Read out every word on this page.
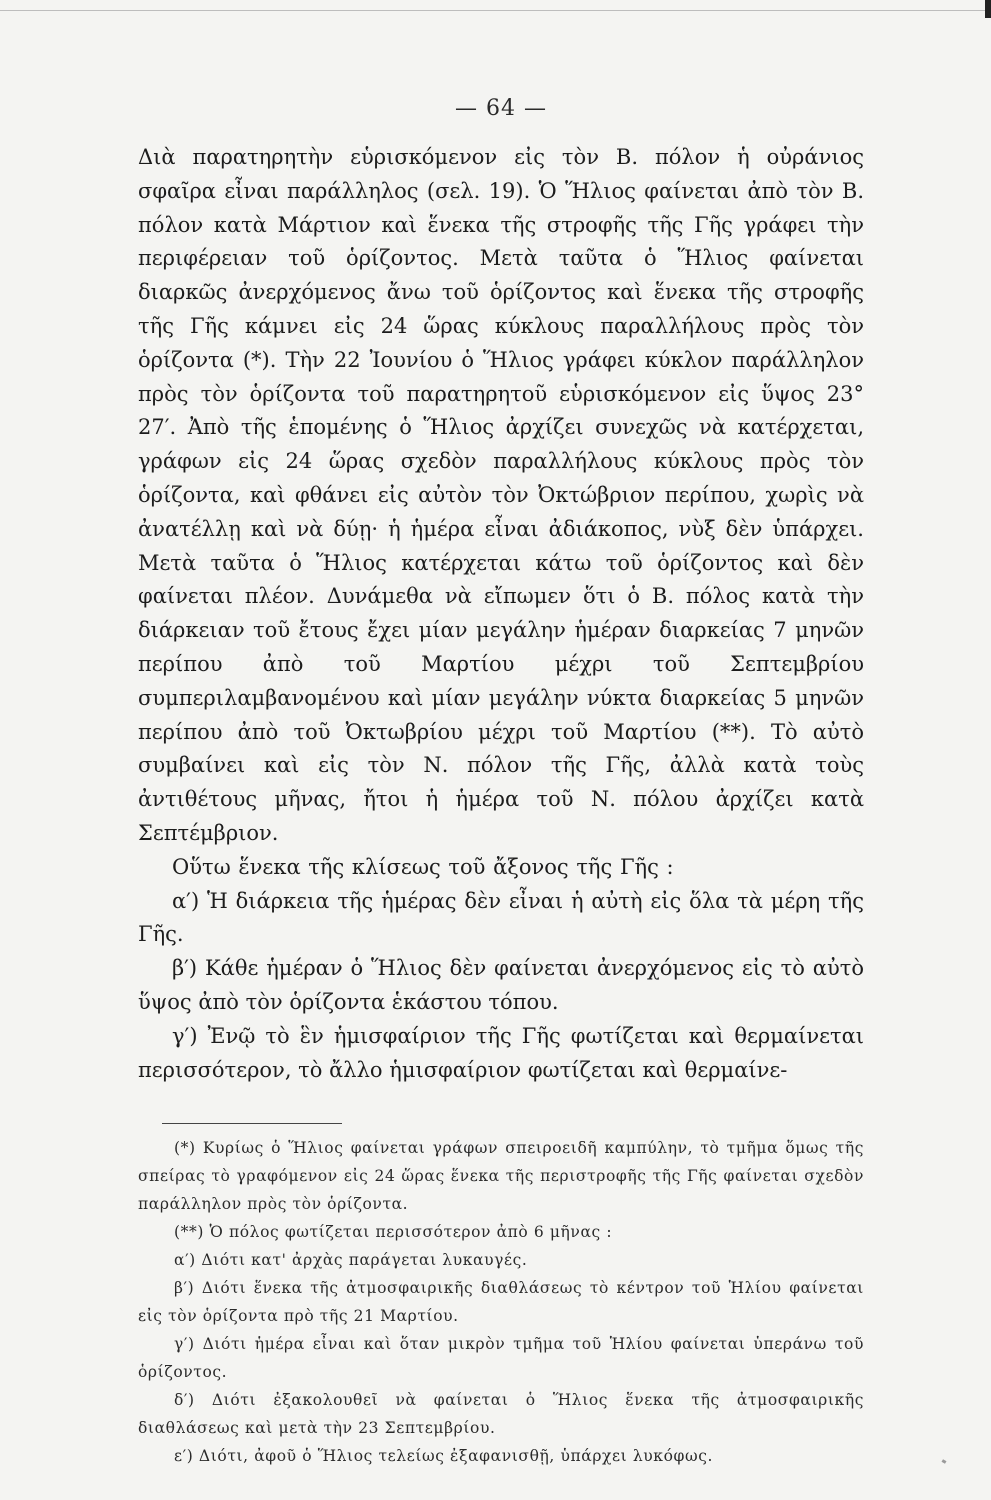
— 64 —

Διὰ παρατηρητὴν εὑρισκόμενον εἰς τὸν Β. πόλον ἡ οὐράνιος σφαῖρα εἶναι παράλληλος (σελ. 19). Ὁ Ἥλιος φαίνεται ἀπὸ τὸν Β. πόλον κατὰ Μάρτιον καὶ ἕνεκα τῆς στροφῆς τῆς Γῆς γράφει τὴν περιφέρειαν τοῦ ὁρίζοντος. Μετὰ ταῦτα ὁ Ἥλιος φαίνεται διαρκῶς ἀνερχόμενος ἄνω τοῦ ὁρίζοντος καὶ ἕνεκα τῆς στροφῆς τῆς Γῆς κάμνει εἰς 24 ὥρας κύκλους παραλλήλους πρὸς τὸν ὁρίζοντα (*). Τὴν 22 Ἰουνίου ὁ Ἥλιος γράφει κύκλον παράλληλον πρὸς τὸν ὁρίζοντα τοῦ παρατηρητοῦ εὑρισκόμενον εἰς ὕψος 23° 27′. Ἀπὸ τῆς ἑπομένης ὁ Ἥλιος ἀρχίζει συνεχῶς νὰ κατέρχεται, γράφων εἰς 24 ὥρας σχεδὸν παραλλήλους κύκλους πρὸς τὸν ὁρίζοντα, καὶ φθάνει εἰς αὐτὸν τὸν Ὀκτώβριον περίπου, χωρὶς νὰ ἀνατέλλῃ καὶ νὰ δύῃ· ἡ ἡμέρα εἶναι ἀδιάκοπος, νὺξ δὲν ὑπάρχει. Μετὰ ταῦτα ὁ Ἥλιος κατέρχεται κάτω τοῦ ὁρίζοντος καὶ δὲν φαίνεται πλέον. Δυνάμεθα νὰ εἴπωμεν ὅτι ὁ Β. πόλος κατὰ τὴν διάρκειαν τοῦ ἔτους ἔχει μίαν μεγάλην ἡμέραν διαρκείας 7 μηνῶν περίπου ἀπὸ τοῦ Μαρτίου μέχρι τοῦ Σεπτεμβρίου συμπεριλαμβανομένου καὶ μίαν μεγάλην νύκτα διαρκείας 5 μηνῶν περίπου ἀπὸ τοῦ Ὀκτωβρίου μέχρι τοῦ Μαρτίου (**). Τὸ αὐτὸ συμβαίνει καὶ εἰς τὸν Ν. πόλον τῆς Γῆς, ἀλλὰ κατὰ τοὺς ἀντιθέτους μῆνας, ἤτοι ἡ ἡμέρα τοῦ Ν. πόλου ἀρχίζει κατὰ Σεπτέμβριον.

Οὕτω ἕνεκα τῆς κλίσεως τοῦ ἄξονος τῆς Γῆς :

α′) Ἡ διάρκεια τῆς ἡμέρας δὲν εἶναι ἡ αὐτὴ εἰς ὅλα τὰ μέρη τῆς Γῆς.

β′) Κάθε ἡμέραν ὁ Ἥλιος δὲν φαίνεται ἀνερχόμενος εἰς τὸ αὐτὸ ὕψος ἀπὸ τὸν ὁρίζοντα ἑκάστου τόπου.

γ′) Ἐνῷ τὸ ἓν ἡμισφαίριον τῆς Γῆς φωτίζεται καὶ θερμαίνεται περισσότερον, τὸ ἄλλο ἡμισφαίριον φωτίζεται καὶ θερμαίνε-

(*) Κυρίως ὁ Ἥλιος φαίνεται γράφων σπειροειδῆ καμπύλην, τὸ τμῆμα ὅμως τῆς σπείρας τὸ γραφόμενον εἰς 24 ὥρας ἕνεκα τῆς περιστροφῆς τῆς Γῆς φαίνεται σχεδὸν παράλληλον πρὸς τὸν ὁρίζοντα.

(**) Ὁ πόλος φωτίζεται περισσότερον ἀπὸ 6 μῆνας :

α′) Διότι κατ' ἀρχὰς παράγεται λυκαυγές.

β′) Διότι ἕνεκα τῆς ἀτμοσφαιρικῆς διαθλάσεως τὸ κέντρον τοῦ Ἡλίου φαίνεται εἰς τὸν ὁρίζοντα πρὸ τῆς 21 Μαρτίου.

γ′) Διότι ἡμέρα εἶναι καὶ ὅταν μικρὸν τμῆμα τοῦ Ἡλίου φαίνεται ὑπεράνω τοῦ ὁρίζοντος.

δ′) Διότι ἐξακολουθεῖ νὰ φαίνεται ὁ Ἥλιος ἕνεκα τῆς ἀτμοσφαιρικῆς διαθλάσεως καὶ μετὰ τὴν 23 Σεπτεμβρίου.

ε′) Διότι, ἀφοῦ ὁ Ἥλιος τελείως ἐξαφανισθῇ, ὑπάρχει λυκόφως.
